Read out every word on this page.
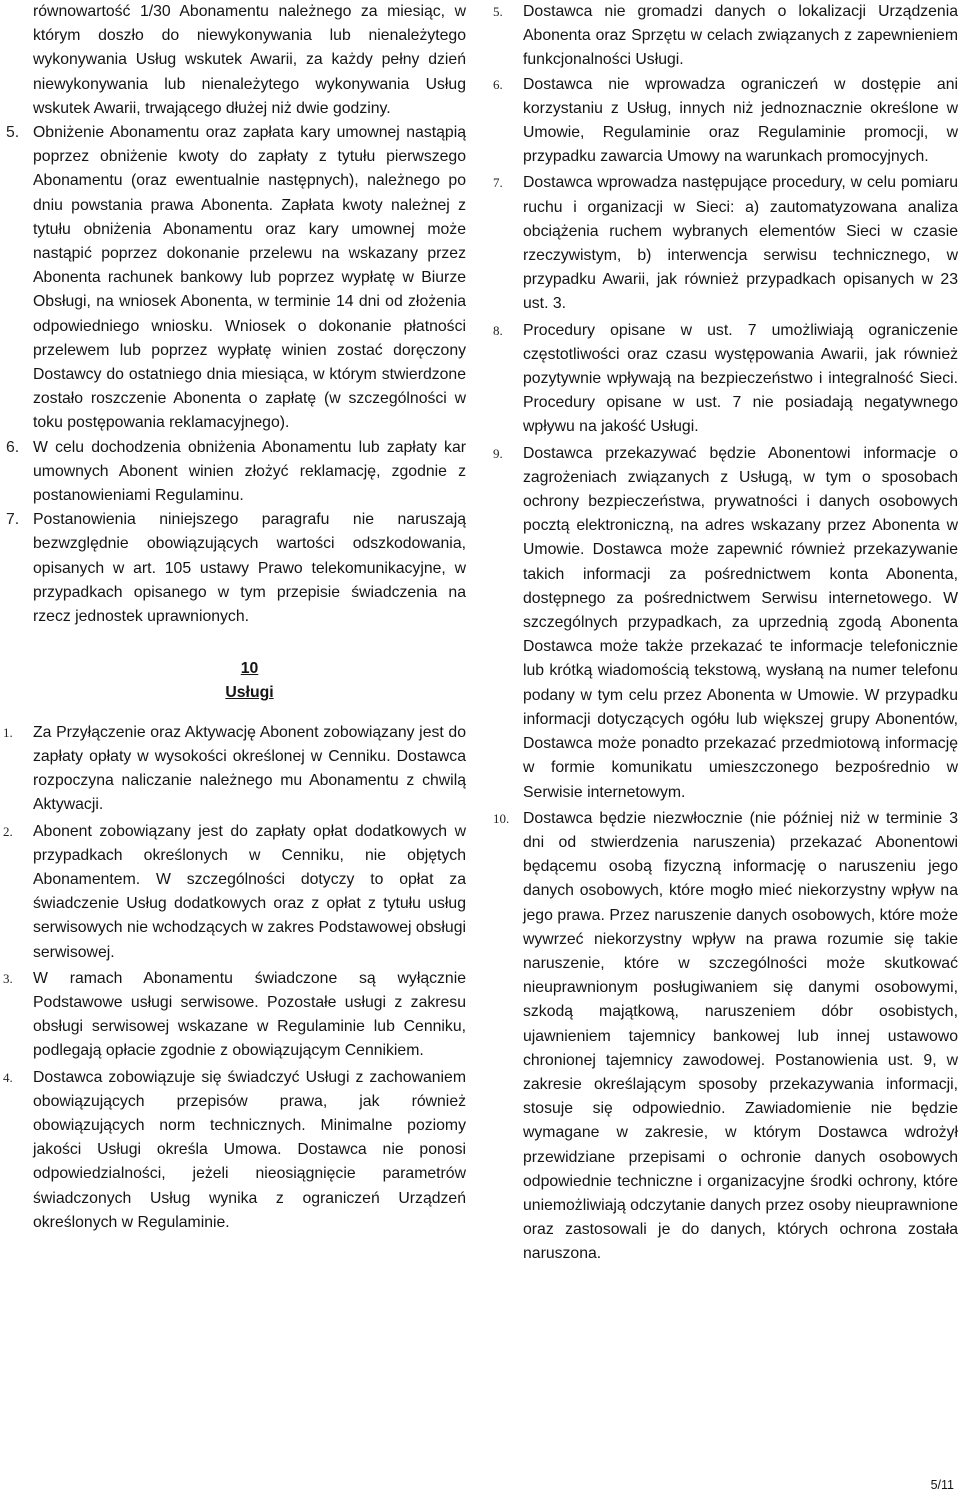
równowartość 1/30 Abonamentu należnego za miesiąc, w którym doszło do niewykonywania lub nienależytego wykonywania Usług wskutek Awarii, za każdy pełny dzień niewykonywania lub nienależytego wykonywania Usług wskutek Awarii, trwającego dłużej niż dwie godziny.

5. Obniżenie Abonamentu oraz zapłata kary umownej nastąpią poprzez obniżenie kwoty do zapłaty z tytułu pierwszego Abonamentu (oraz ewentualnie następnych), należnego po dniu powstania prawa Abonenta. Zapłata kwoty należnej z tytułu obniżenia Abonamentu oraz kary umownej może nastąpić poprzez dokonanie przelewu na wskazany przez Abonenta rachunek bankowy lub poprzez wypłatę w Biurze Obsługi, na wniosek Abonenta, w terminie 14 dni od złożenia odpowiedniego wniosku. Wniosek o dokonanie płatności przelewem lub poprzez wypłatę winien zostać doręczony Dostawcy do ostatniego dnia miesiąca, w którym stwierdzone zostało roszczenie Abonenta o zapłatę (w szczególności w toku postępowania reklamacyjnego).
6. W celu dochodzenia obniżenia Abonamentu lub zapłaty kar umownych Abonent winien złożyć reklamację, zgodnie z postanowieniami Regulaminu.
7. Postanowienia niniejszego paragrafu nie naruszają bezwzględnie obowiązujących wartości odszkodowania, opisanych w art. 105 ustawy Prawo telekomunikacyjne, w przypadkach opisanego w tym przepisie świadczenia na rzecz jednostek uprawnionych.
10
Usługi
1. Za Przyłączenie oraz Aktywację Abonent zobowiązany jest do zapłaty opłaty w wysokości określonej w Cenniku. Dostawca rozpoczyna naliczanie należnego mu Abonamentu z chwilą Aktywacji.
2. Abonent zobowiązany jest do zapłaty opłat dodatkowych w przypadkach określonych w Cenniku, nie objętych Abonamentem. W szczególności dotyczy to opłat za świadczenie Usług dodatkowych oraz z opłat z tytułu usług serwisowych nie wchodzących w zakres Podstawowej obsługi serwisowej.
3. W ramach Abonamentu świadczone są wyłącznie Podstawowe usługi serwisowe. Pozostałe usługi z zakresu obsługi serwisowej wskazane w Regulaminie lub Cenniku, podlegają opłacie zgodnie z obowiązującym Cennikiem.
4. Dostawca zobowiązuje się świadczyć Usługi z zachowaniem obowiązujących przepisów prawa, jak również obowiązujących norm technicznych. Minimalne poziomy jakości Usługi określa Umowa. Dostawca nie ponosi odpowiedzialności, jeżeli nieosiągnięcie parametrów świadczonych Usług wynika z ograniczeń Urządzeń określonych w Regulaminie.
5. Dostawca nie gromadzi danych o lokalizacji Urządzenia Abonenta oraz Sprzętu w celach związanych z zapewnieniem funkcjonalności Usługi.
6. Dostawca nie wprowadza ograniczeń w dostępie ani korzystaniu z Usług, innych niż jednoznacznie określone w Umowie, Regulaminie oraz Regulaminie promocji, w przypadku zawarcia Umowy na warunkach promocyjnych.
7. Dostawca wprowadza następujące procedury, w celu pomiaru ruchu i organizacji w Sieci: a) zautomatyzowana analiza obciążenia ruchem wybranych elementów Sieci w czasie rzeczywistym, b) interwencja serwisu technicznego, w przypadku Awarii, jak również przypadkach opisanych w 23 ust. 3.
8. Procedury opisane w ust. 7 umożliwiają ograniczenie częstotliwości oraz czasu występowania Awarii, jak również pozytywnie wpływają na bezpieczeństwo i integralność Sieci. Procedury opisane w ust. 7 nie posiadają negatywnego wpływu na jakość Usługi.
9. Dostawca przekazywać będzie Abonentowi informacje o zagrożeniach związanych z Usługą, w tym o sposobach ochrony bezpieczeństwa, prywatności i danych osobowych pocztą elektroniczną, na adres wskazany przez Abonenta w Umowie. Dostawca może zapewnić również przekazywanie takich informacji za pośrednictwem konta Abonenta, dostępnego za pośrednictwem Serwisu internetowego. W szczególnych przypadkach, za uprzednią zgodą Abonenta Dostawca może także przekazać te informacje telefonicznie lub krótką wiadomością tekstową, wysłaną na numer telefonu podany w tym celu przez Abonenta w Umowie. W przypadku informacji dotyczących ogółu lub większej grupy Abonentów, Dostawca może ponadto przekazać przedmiotową informację w formie komunikatu umieszczonego bezpośrednio w Serwisie internetowym.
10. Dostawca będzie niezwłocznie (nie później niż w terminie 3 dni od stwierdzenia naruszenia) przekazać Abonentowi będącemu osobą fizyczną informację o naruszeniu jego danych osobowych, które mogło mieć niekorzystny wpływ na jego prawa. Przez naruszenie danych osobowych, które może wywrzeć niekorzystny wpływ na prawa rozumie się takie naruszenie, które w szczególności może skutkować nieuprawnionym posługiwaniem się danymi osobowymi, szkodą majątkową, naruszeniem dóbr osobistych, ujawnieniem tajemnicy bankowej lub innej ustawowo chronionej tajemnicy zawodowej. Postanowienia ust. 9, w zakresie określającym sposoby przekazywania informacji, stosuje się odpowiednio. Zawiadomienie nie będzie wymagane w zakresie, w którym Dostawca wdrożył przewidziane przepisami o ochronie danych osobowych odpowiednie techniczne i organizacyjne środki ochrony, które uniemożliwiają odczytanie danych przez osoby nieuprawnione oraz zastosowali je do danych, których ochrona została naruszona.
5/11
